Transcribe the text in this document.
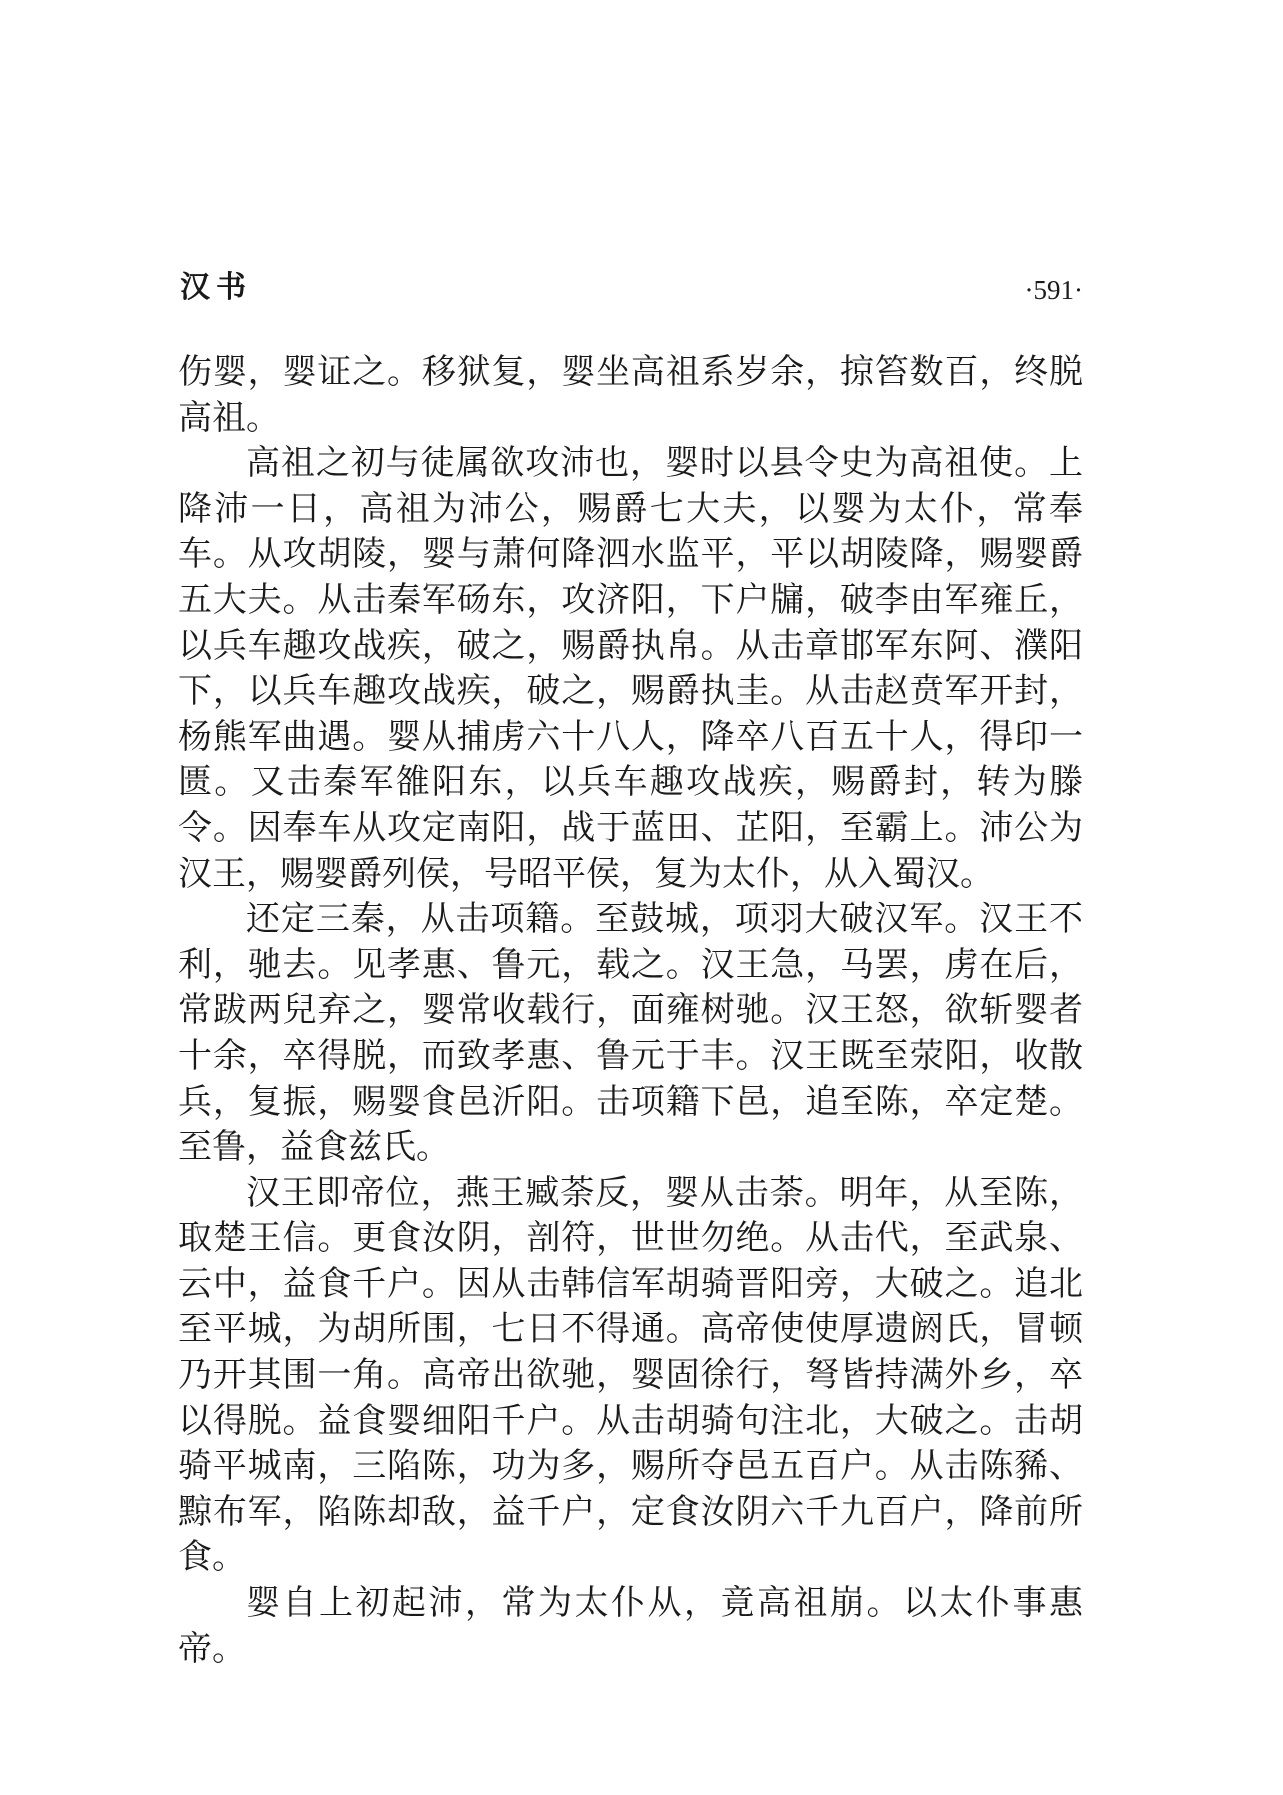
汉书	·591·

伤婴，婴证之。移狱复，婴坐高祖系岁余，掠笞数百，终脱高祖。

高祖之初与徒属欲攻沛也，婴时以县令史为高祖使。上降沛一日，高祖为沛公，赐爵七大夫，以婴为太仆，常奉车。从攻胡陵，婴与萧何降泗水监平，平以胡陵降，赐婴爵五大夫。从击秦军砀东，攻济阳，下户牖，破李由军雍丘，以兵车趣攻战疾，破之，赐爵执帛。从击章邯军东阿、濮阳下，以兵车趣攻战疾，破之，赐爵执圭。从击赵贲军开封，杨熊军曲遇。婴从捕虏六十八人，降卒八百五十人，得印一匮。又击秦军雒阳东，以兵车趣攻战疾，赐爵封，转为滕令。因奉车从攻定南阳，战于蓝田、芷阳，至霸上。沛公为汉王，赐婴爵列侯，号昭平侯，复为太仆，从入蜀汉。

还定三秦，从击项籍。至鼓城，项羽大破汉军。汉王不利，驰去。见孝惠、鲁元，载之。汉王急，马罢，虏在后，常跋两兒弃之，婴常收载行，面雍树驰。汉王怒，欲斩婴者十余，卒得脱，而致孝惠、鲁元于丰。汉王既至荥阳，收散兵，复振，赐婴食邑沂阳。击项籍下邑，追至陈，卒定楚。至鲁，益食兹氏。

汉王即帝位，燕王臧荼反，婴从击荼。明年，从至陈，取楚王信。更食汝阴，剖符，世世勿绝。从击代，至武泉、云中，益食千户。因从击韩信军胡骑晋阳旁，大破之。追北至平城，为胡所围，七日不得通。高帝使使厚遗阏氏，冒顿乃开其围一角。高帝出欲驰，婴固徐行，弩皆持满外乡，卒以得脱。益食婴细阳千户。从击胡骑句注北，大破之。击胡骑平城南，三陷陈，功为多，赐所夺邑五百户。从击陈豨、黥布军，陷陈却敌，益千户，定食汝阴六千九百户，降前所食。

婴自上初起沛，常为太仆从，竟高祖崩。以太仆事惠帝。
